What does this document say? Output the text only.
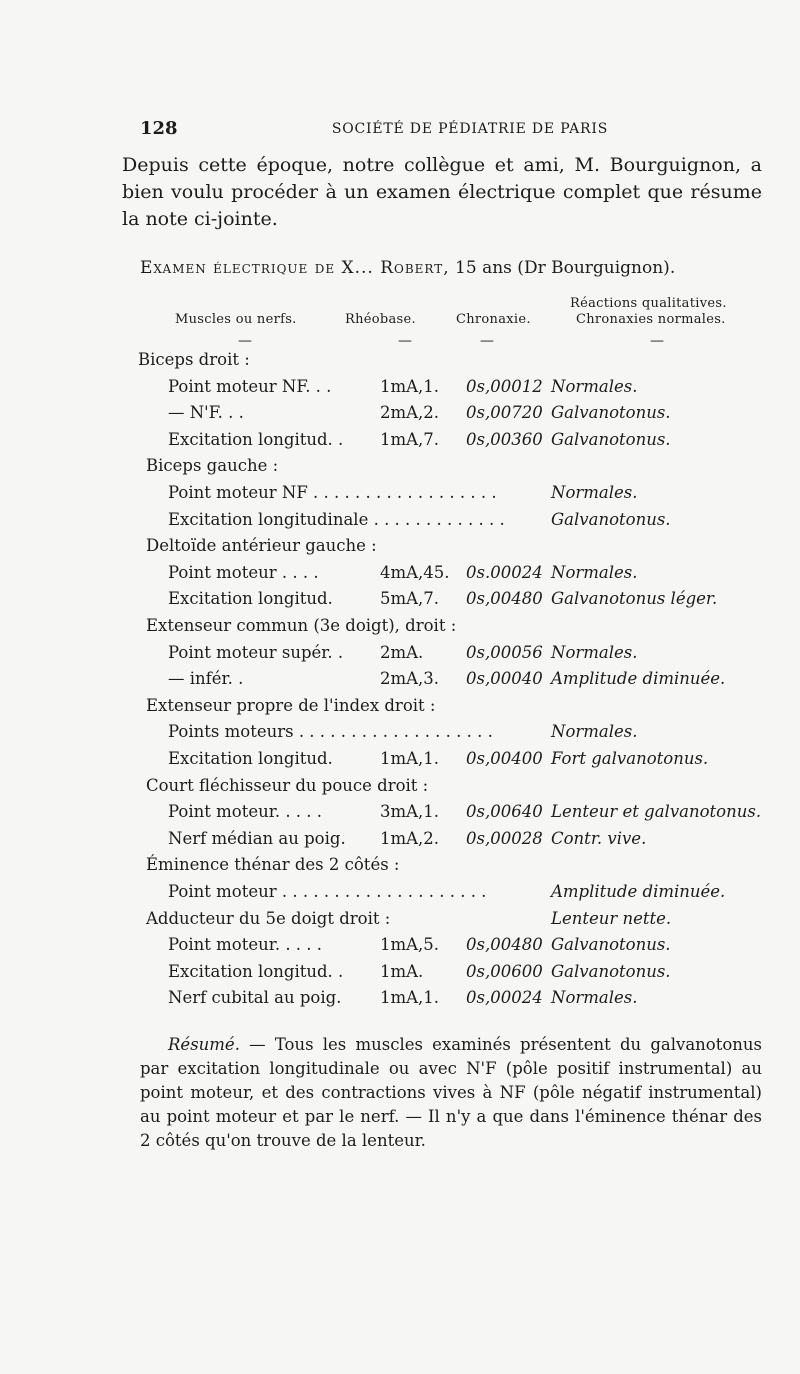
128	SOCIÉTÉ DE PÉDIATRIE DE PARIS

Depuis cette époque, notre collègue et ami, M. Bourguignon, a bien voulu procéder à un examen électrique complet que résume la note ci-jointe.

Examen électrique de X... Robert, 15 ans (Dr Bourguignon).
Muscles ou nerfs.	Rhéobase.	Chronaxie.
Réactions qualitatives.
Chronaxies normales.
—	—	—	—
Biceps droit :
Point moteur NF. . .	1mA,1. 0s,00012 Normales.
— N'F. . .	2mA,2. 0s,00720 Galvanotonus.
Excitation longitud. . 1mA,7. 0s,00360 Galvanotonus.
Biceps gauche :
Point moteur NF . . . . . . . . . . . . . . . . . .	Normales.
Excitation longitudinale . . . . . . . . . . . . .	Galvanotonus.
Deltoïde antérieur gauche :
Point moteur . . . .	4mA,45. 0s.00024 Normales.
Excitation longitud.	5mA,7. 0s,00480 Galvanotonus léger.
Extenseur commun (3e doigt), droit :
Point moteur supér. . 2mA.	0s,00056 Normales.
— infér. .	2mA,3. 0s,00040 Amplitude diminuée.
Extenseur propre de l'index droit :
Points moteurs . . . . . . . . . . . . . . . . . . .	Normales.
Excitation longitud.	1mA,1. 0s,00400 Fort galvanotonus.
Court fléchisseur du pouce droit :
Point moteur. . . . .	3mA,1. 0s,00640 Lenteur et galvanotonus.
Nerf médian au poig. 1mA,2. 0s,00028 Contr. vive.
Éminence thénar des 2 côtés :
Point moteur . . . . . . . . . . . . . . . . . . . .	Amplitude diminuée.
Adducteur du 5e doigt droit :	Lenteur nette.
Point moteur. . . . .	1mA,5. 0s,00480 Galvanotonus.
Excitation longitud. . 1mA.	0s,00600 Galvanotonus.
Nerf cubital au poig. 1mA,1. 0s,00024 Normales.

Résumé. — Tous les muscles examinés présentent du galvanotonus par excitation longitudinale ou avec N'F (pôle positif instrumental) au point moteur, et des contractions vives à NF (pôle négatif instrumental) au point moteur et par le nerf. — Il n'y a que dans l'éminence thénar des 2 côtés qu'on trouve de la lenteur.
